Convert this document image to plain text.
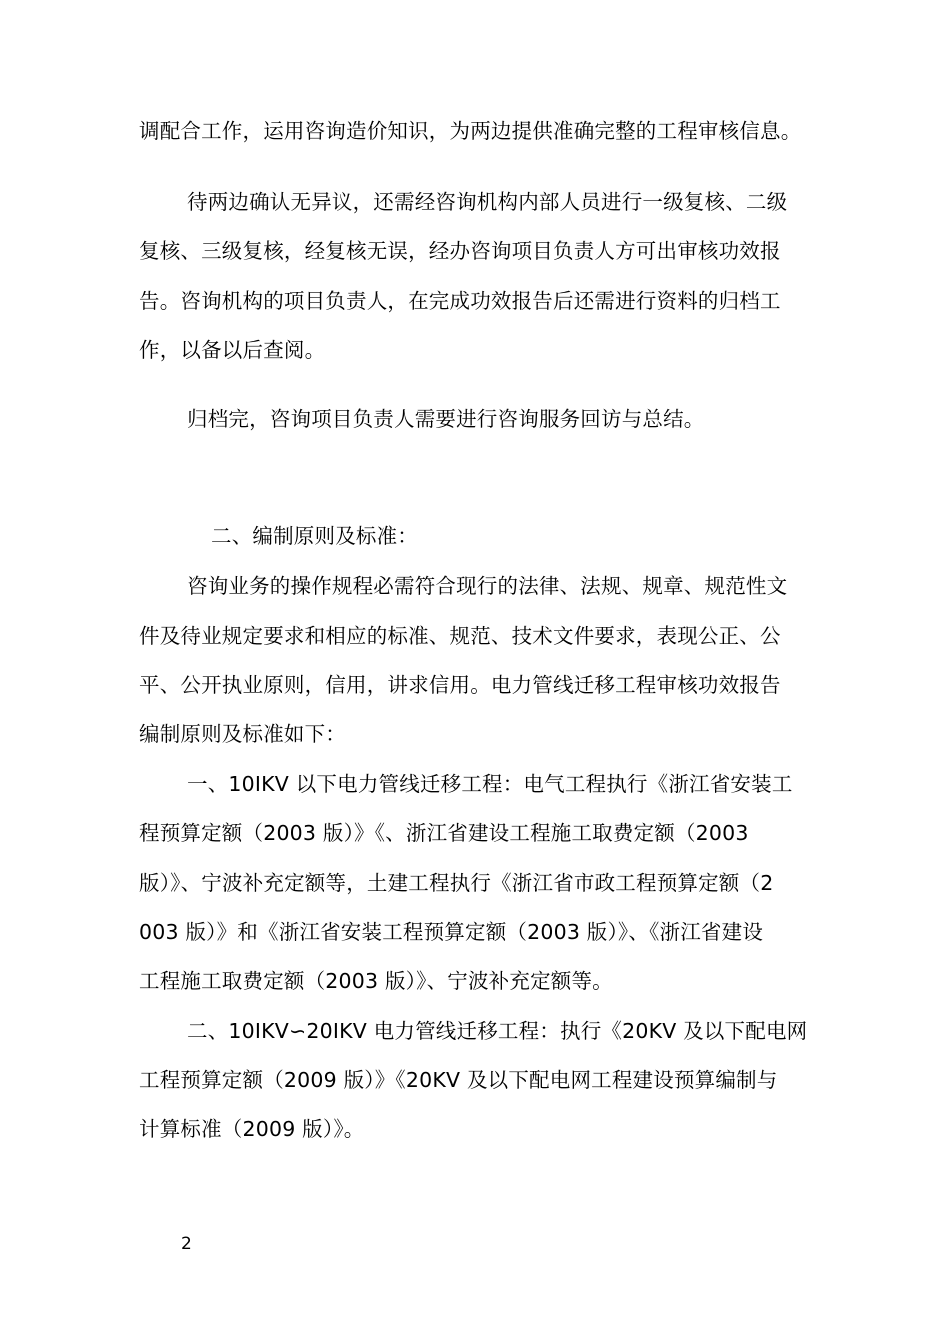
调配合工作，运用咨询造价知识，为两边提供准确完整的工程审核信息。
待两边确认无异议，还需经咨询机构内部人员进行一级复核、二级
复核、三级复核，经复核无误，经办咨询项目负责人方可出审核功效报
告。咨询机构的项目负责人，在完成功效报告后还需进行资料的归档工
作，以备以后查阅。
归档完，咨询项目负责人需要进行咨询服务回访与总结。
二、编制原则及标准：
咨询业务的操作规程必需符合现行的法律、法规、规章、规范性文
件及待业规定要求和相应的标准、规范、技术文件要求，表现公正、公
平、公开执业原则，信用，讲求信用。电力管线迁移工程审核功效报告
编制原则及标准如下：
一、10IKV 以下电力管线迁移工程：电气工程执行《浙江省安装工
程预算定额（2003 版）》《、浙江省建设工程施工取费定额（2003
版）》、宁波补充定额等，土建工程执行《浙江省市政工程预算定额（2
003 版）》和《浙江省安装工程预算定额（2003 版）》、《浙江省建设
工程施工取费定额（2003 版）》、宁波补充定额等。
二、10IKV∽20IKV 电力管线迁移工程：执行《20KV 及以下配电网
工程预算定额（2009 版）》《20KV 及以下配电网工程建设预算编制与
计算标准（2009 版）》。
2
